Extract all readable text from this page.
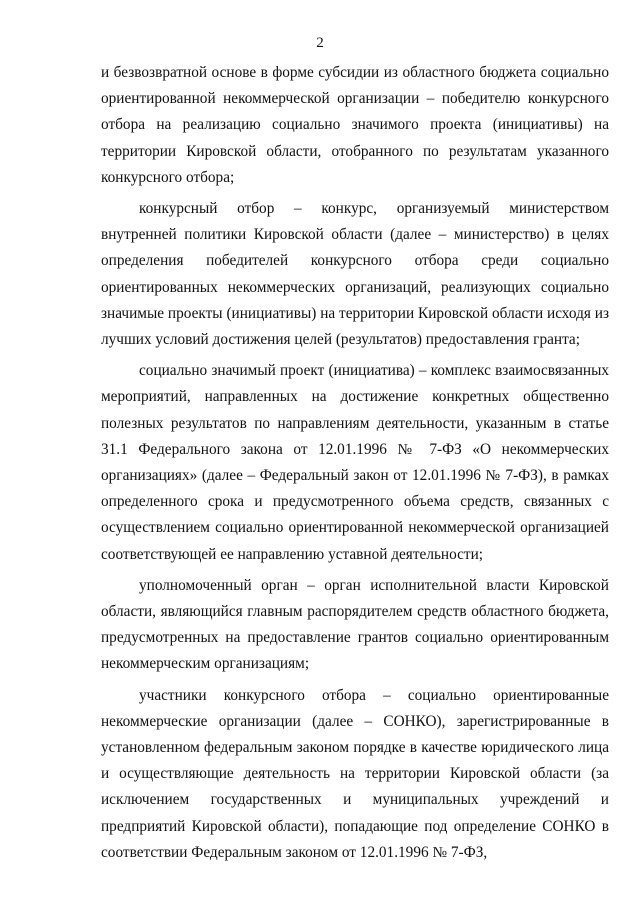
2

и безвозвратной основе в форме субсидии из областного бюджета социально ориентированной некоммерческой организации – победителю конкурсного отбора на реализацию социально значимого проекта (инициативы) на территории Кировской области, отобранного по результатам указанного конкурсного отбора;

конкурсный отбор – конкурс, организуемый министерством внутренней политики Кировской области (далее – министерство) в целях определения победителей конкурсного отбора среди социально ориентированных некоммерческих организаций, реализующих социально значимые проекты (инициативы) на территории Кировской области исходя из лучших условий достижения целей (результатов) предоставления гранта;

социально значимый проект (инициатива) – комплекс взаимосвязанных мероприятий, направленных на достижение конкретных общественно полезных результатов по направлениям деятельности, указанным в статье 31.1 Федерального закона от 12.01.1996 № 7-ФЗ «О некоммерческих организациях» (далее – Федеральный закон от 12.01.1996 № 7-ФЗ), в рамках определенного срока и предусмотренного объема средств, связанных с осуществлением социально ориентированной некоммерческой организацией соответствующей ее направлению уставной деятельности;

уполномоченный орган – орган исполнительной власти Кировской области, являющийся главным распорядителем средств областного бюджета, предусмотренных на предоставление грантов социально ориентированным некоммерческим организациям;

участники конкурсного отбора – социально ориентированные некоммерческие организации (далее – СОНКО), зарегистрированные в установленном федеральным законом порядке в качестве юридического лица и осуществляющие деятельность на территории Кировской области (за исключением государственных и муниципальных учреждений и предприятий Кировской области), попадающие под определение СОНКО в соответствии Федеральным законом от 12.01.1996 № 7-ФЗ,
